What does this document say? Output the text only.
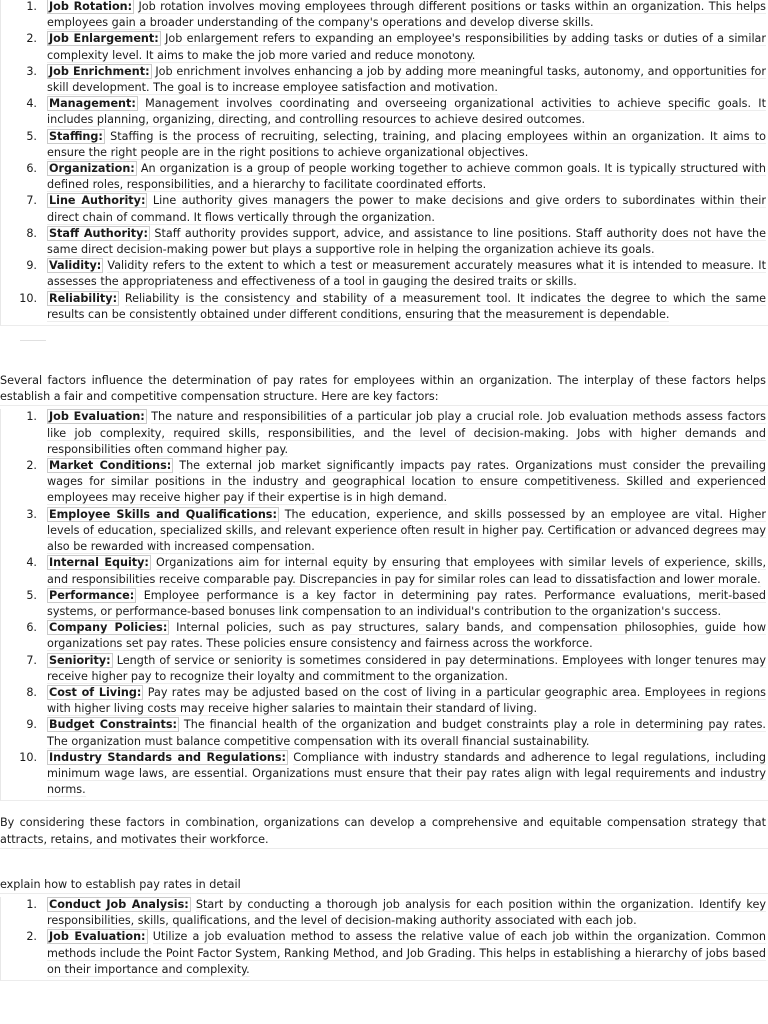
1. Job Rotation: Job rotation involves moving employees through different positions or tasks within an organization. This helps employees gain a broader understanding of the company's operations and develop diverse skills.
2. Job Enlargement: Job enlargement refers to expanding an employee's responsibilities by adding tasks or duties of a similar complexity level. It aims to make the job more varied and reduce monotony.
3. Job Enrichment: Job enrichment involves enhancing a job by adding more meaningful tasks, autonomy, and opportunities for skill development. The goal is to increase employee satisfaction and motivation.
4. Management: Management involves coordinating and overseeing organizational activities to achieve specific goals. It includes planning, organizing, directing, and controlling resources to achieve desired outcomes.
5. Staffing: Staffing is the process of recruiting, selecting, training, and placing employees within an organization. It aims to ensure the right people are in the right positions to achieve organizational objectives.
6. Organization: An organization is a group of people working together to achieve common goals. It is typically structured with defined roles, responsibilities, and a hierarchy to facilitate coordinated efforts.
7. Line Authority: Line authority gives managers the power to make decisions and give orders to subordinates within their direct chain of command. It flows vertically through the organization.
8. Staff Authority: Staff authority provides support, advice, and assistance to line positions. Staff authority does not have the same direct decision-making power but plays a supportive role in helping the organization achieve its goals.
9. Validity: Validity refers to the extent to which a test or measurement accurately measures what it is intended to measure. It assesses the appropriateness and effectiveness of a tool in gauging the desired traits or skills.
10. Reliability: Reliability is the consistency and stability of a measurement tool. It indicates the degree to which the same results can be consistently obtained under different conditions, ensuring that the measurement is dependable.

Several factors influence the determination of pay rates for employees within an organization. The interplay of these factors helps establish a fair and competitive compensation structure. Here are key factors:

1. Job Evaluation: The nature and responsibilities of a particular job play a crucial role. Job evaluation methods assess factors like job complexity, required skills, responsibilities, and the level of decision-making. Jobs with higher demands and responsibilities often command higher pay.
2. Market Conditions: The external job market significantly impacts pay rates. Organizations must consider the prevailing wages for similar positions in the industry and geographical location to ensure competitiveness. Skilled and experienced employees may receive higher pay if their expertise is in high demand.
3. Employee Skills and Qualifications: The education, experience, and skills possessed by an employee are vital. Higher levels of education, specialized skills, and relevant experience often result in higher pay. Certification or advanced degrees may also be rewarded with increased compensation.
4. Internal Equity: Organizations aim for internal equity by ensuring that employees with similar levels of experience, skills, and responsibilities receive comparable pay. Discrepancies in pay for similar roles can lead to dissatisfaction and lower morale.
5. Performance: Employee performance is a key factor in determining pay rates. Performance evaluations, merit-based systems, or performance-based bonuses link compensation to an individual's contribution to the organization's success.
6. Company Policies: Internal policies, such as pay structures, salary bands, and compensation philosophies, guide how organizations set pay rates. These policies ensure consistency and fairness across the workforce.
7. Seniority: Length of service or seniority is sometimes considered in pay determinations. Employees with longer tenures may receive higher pay to recognize their loyalty and commitment to the organization.
8. Cost of Living: Pay rates may be adjusted based on the cost of living in a particular geographic area. Employees in regions with higher living costs may receive higher salaries to maintain their standard of living.
9. Budget Constraints: The financial health of the organization and budget constraints play a role in determining pay rates. The organization must balance competitive compensation with its overall financial sustainability.
10. Industry Standards and Regulations: Compliance with industry standards and adherence to legal regulations, including minimum wage laws, are essential. Organizations must ensure that their pay rates align with legal requirements and industry norms.

By considering these factors in combination, organizations can develop a comprehensive and equitable compensation strategy that attracts, retains, and motivates their workforce.

explain how to establish pay rates in detail

1. Conduct Job Analysis: Start by conducting a thorough job analysis for each position within the organization. Identify key responsibilities, skills, qualifications, and the level of decision-making authority associated with each job.
2. Job Evaluation: Utilize a job evaluation method to assess the relative value of each job within the organization. Common methods include the Point Factor System, Ranking Method, and Job Grading. This helps in establishing a hierarchy of jobs based on their importance and complexity.
